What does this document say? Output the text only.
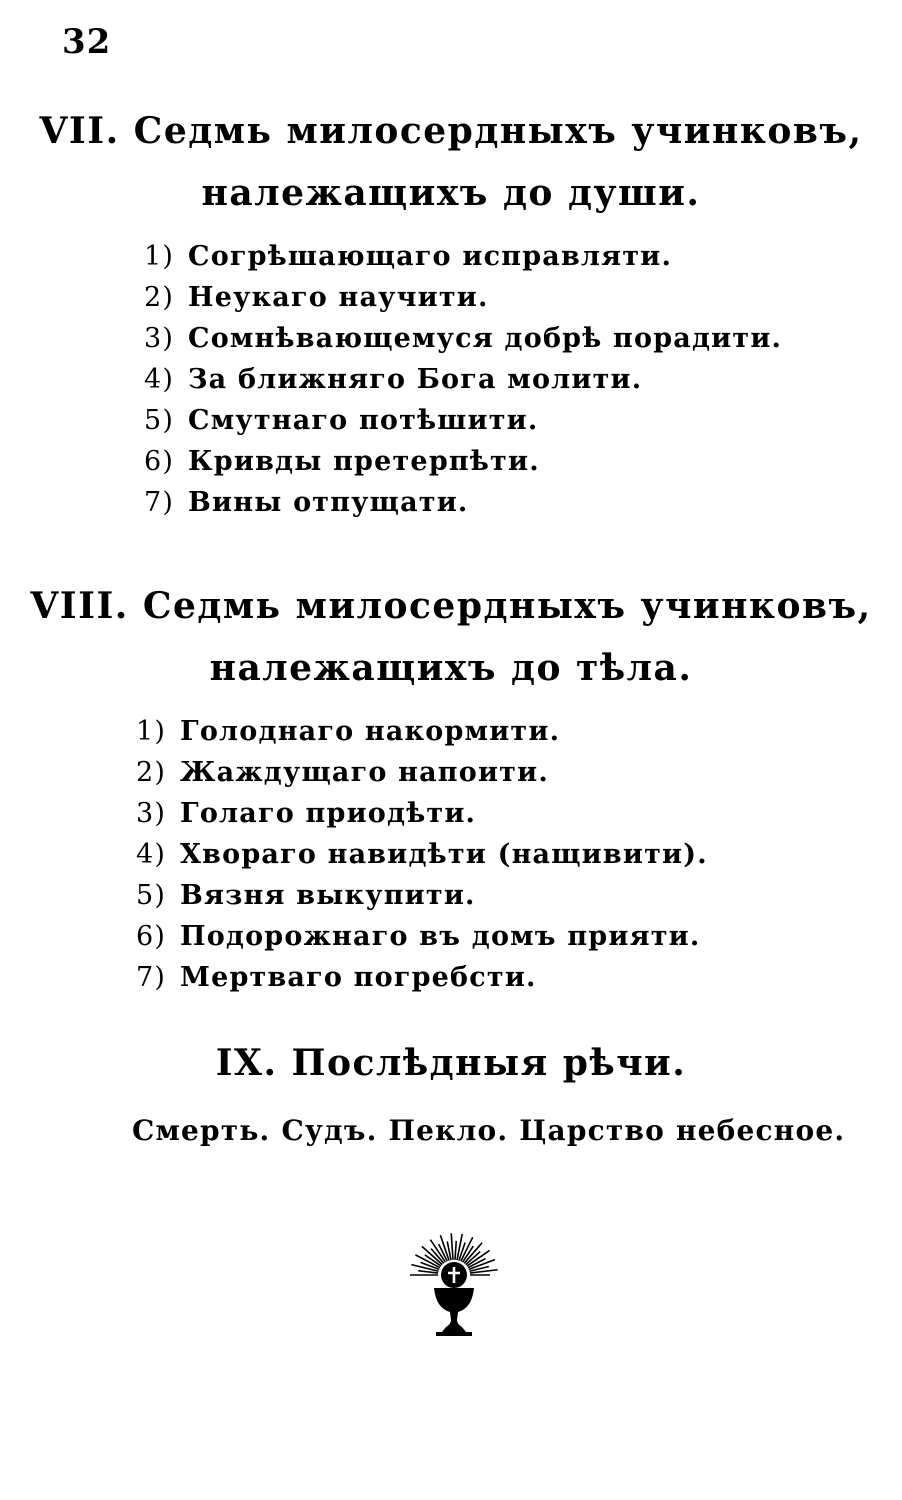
32
VII. Седмь милосердныхъ учинковъ,
належащихъ до души.
1) Согрѣшающаго исправляти.
2) Неукаго научити.
3) Сомнѣвающемуся добрѣ порадити.
4) За ближняго Бога молити.
5) Смутнаго потѣшити.
6) Кривды претерпѣти.
7) Вины отпущати.
VIII. Седмь милосердныхъ учинковъ,
належащихъ до тѣла.
1) Голоднаго накормити.
2) Жаждущаго напоити.
3) Голаго приодѣти.
4) Хвораго навидѣти (нащивити).
5) Вязня выкупити.
6) Подорожнаго въ домъ прияти.
7) Мертваго погребсти.
IX. Послѣдныя рѣчи.
Смерть. Судъ. Пекло. Царство небесное.
